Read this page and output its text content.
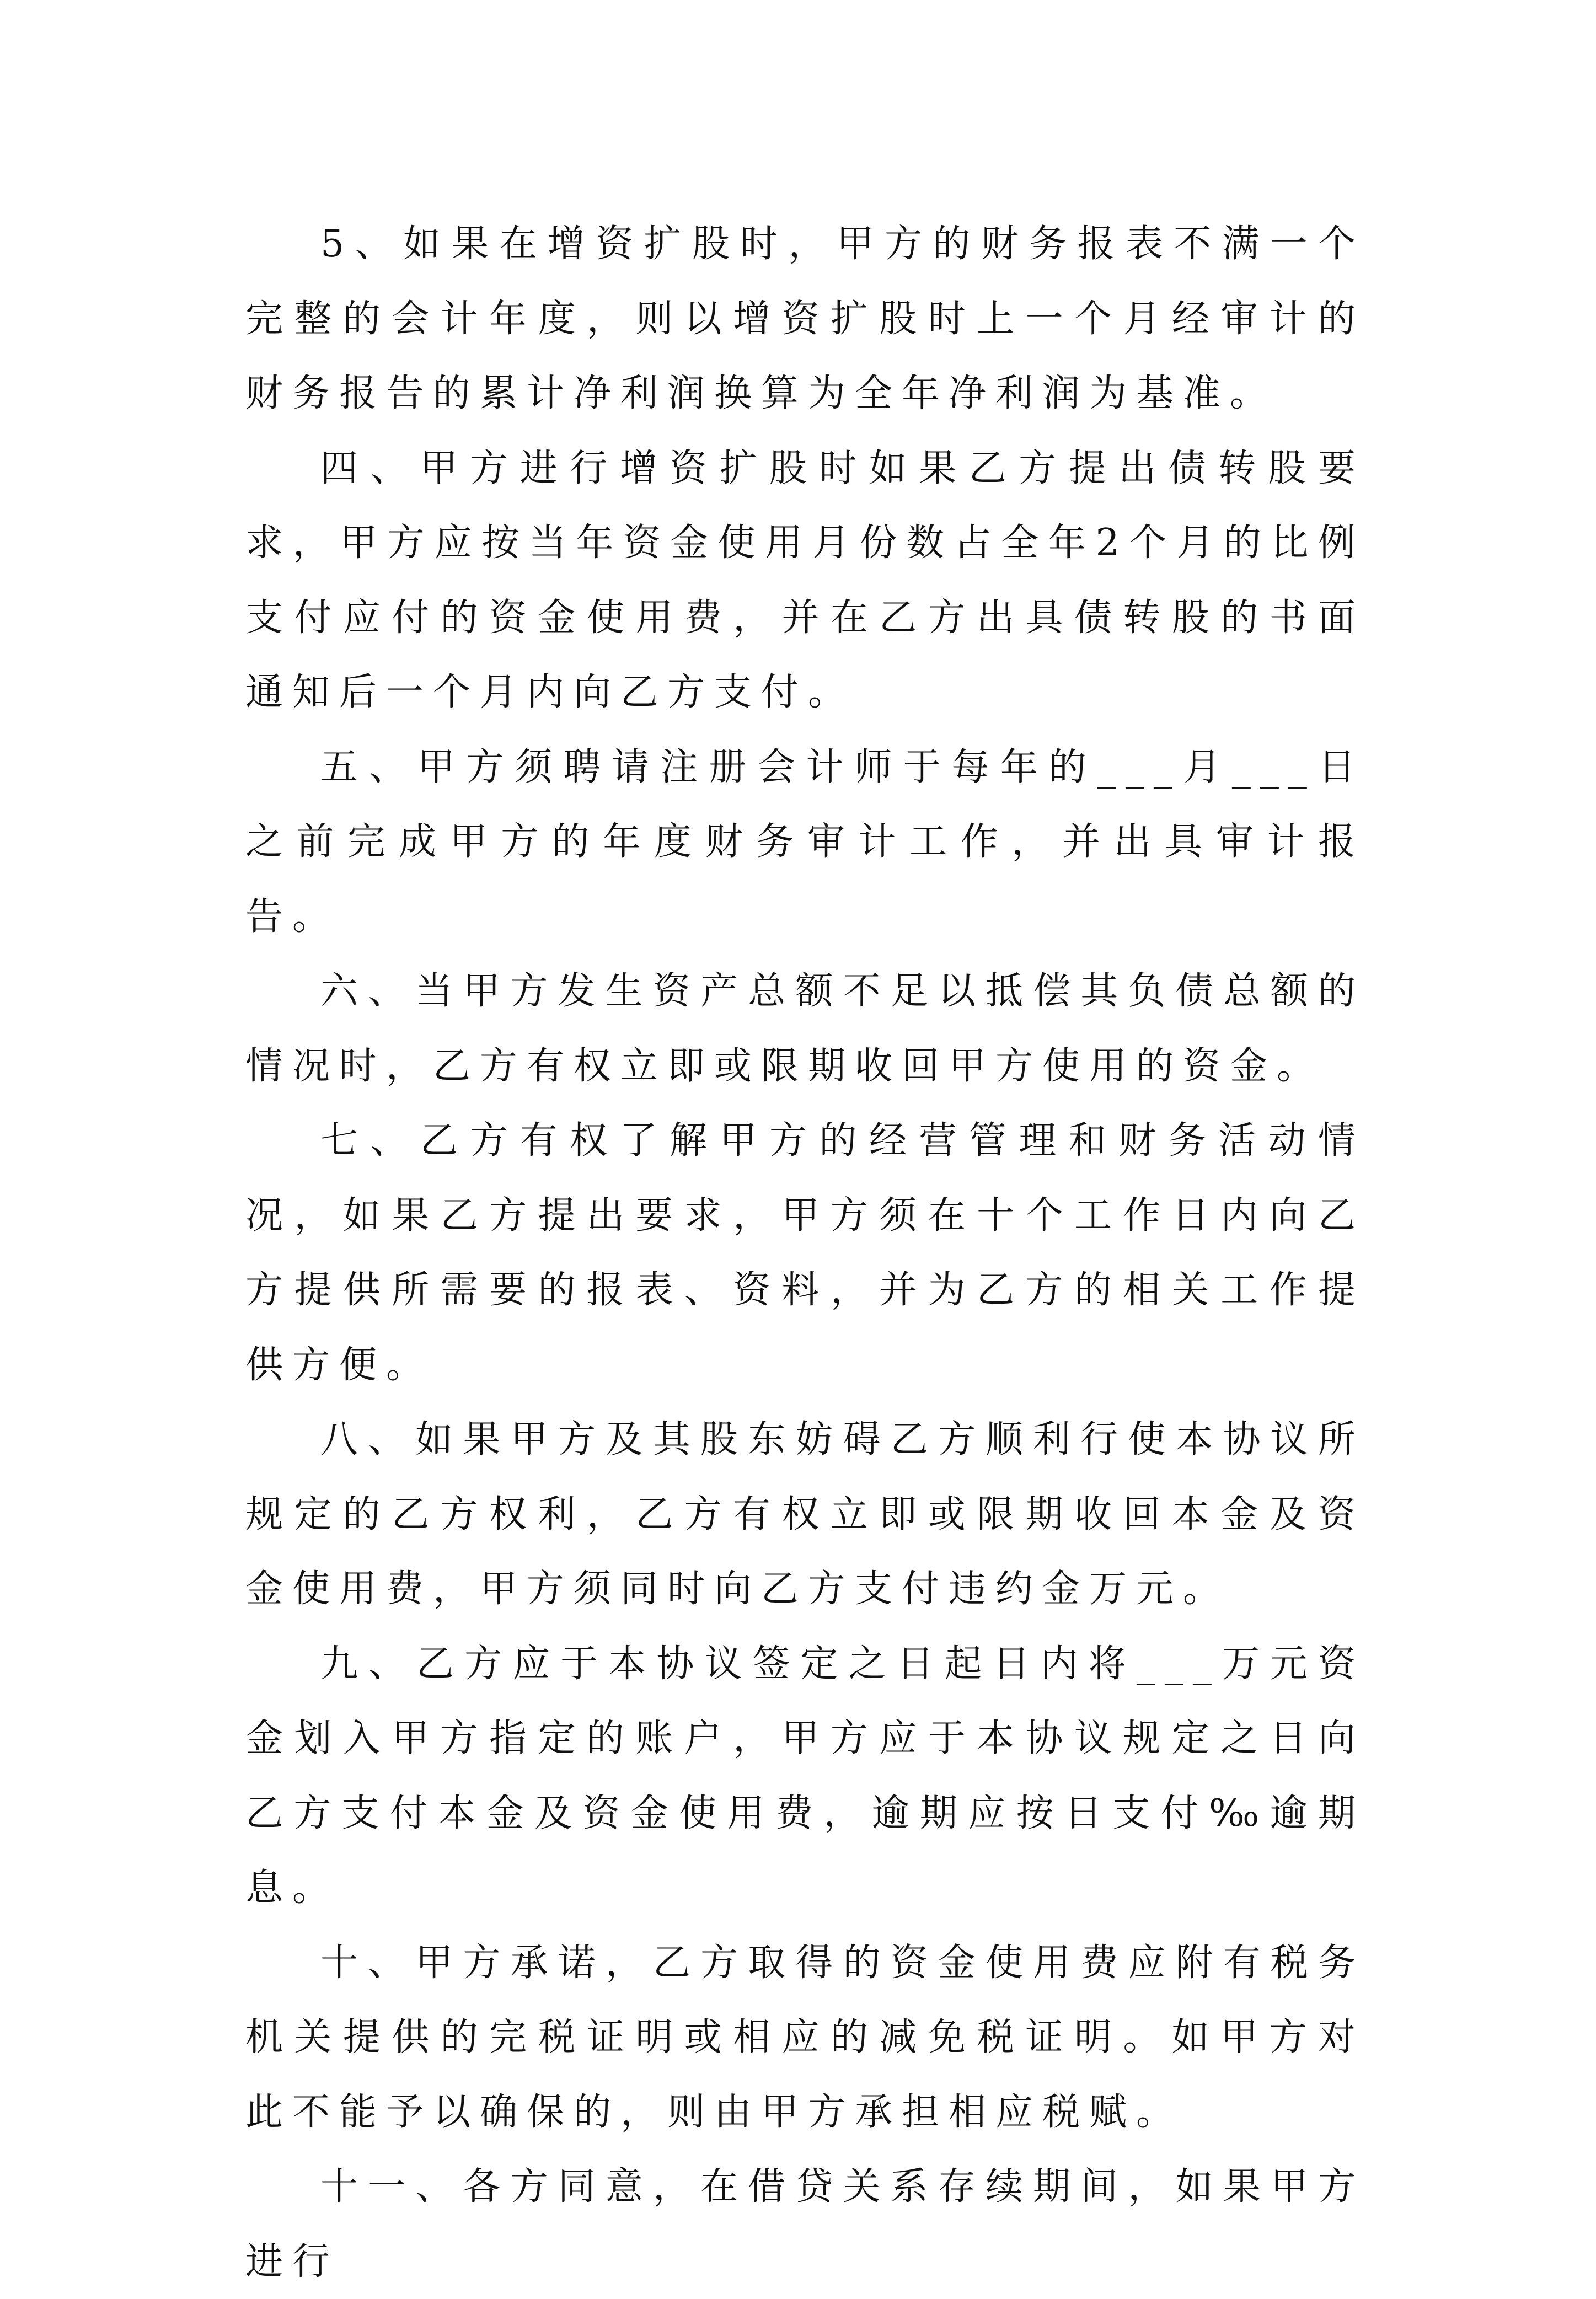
5、如果在增资扩股时，甲方的财务报表不满一个完整的会计年度，则以增资扩股时上一个月经审计的财务报告的累计净利润换算为全年净利润为基准。

四、甲方进行增资扩股时如果乙方提出债转股要求，甲方应按当年资金使用月份数占全年2个月的比例支付应付的资金使用费，并在乙方出具债转股的书面通知后一个月内向乙方支付。

五、甲方须聘请注册会计师于每年的___月___日之前完成甲方的年度财务审计工作，并出具审计报告。

六、当甲方发生资产总额不足以抵偿其负债总额的情况时，乙方有权立即或限期收回甲方使用的资金。

七、乙方有权了解甲方的经营管理和财务活动情况，如果乙方提出要求，甲方须在十个工作日内向乙方提供所需要的报表、资料，并为乙方的相关工作提供方便。

八、如果甲方及其股东妨碍乙方顺利行使本协议所规定的乙方权利，乙方有权立即或限期收回本金及资金使用费，甲方须同时向乙方支付违约金万元。

九、乙方应于本协议签定之日起日内将___万元资金划入甲方指定的账户，甲方应于本协议规定之日向乙方支付本金及资金使用费，逾期应按日支付‰逾期息。

十、甲方承诺，乙方取得的资金使用费应附有税务机关提供的完税证明或相应的减免税证明。如甲方对此不能予以确保的，则由甲方承担相应税赋。

十一、各方同意，在借贷关系存续期间，如果甲方进行
